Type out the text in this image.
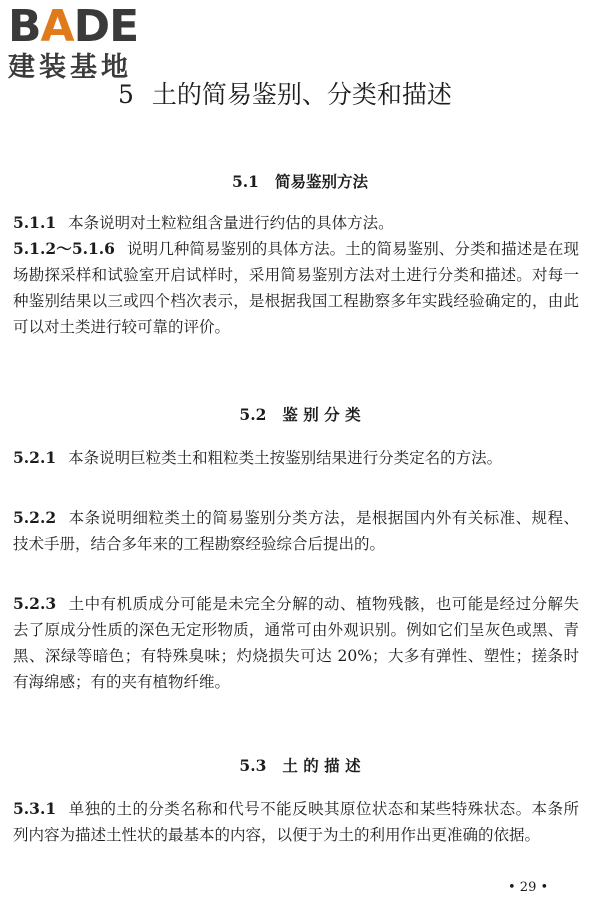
BADE
建装基地
5 土的简易鉴别、分类和描述
5.1 简易鉴别方法
5.1.1 本条说明对土粒粒组含量进行约估的具体方法。
5.1.2～5.1.6 说明几种简易鉴别的具体方法。土的简易鉴别、分类和描述是在现场勘探采样和试验室开启试样时，采用简易鉴别方法对土进行分类和描述。对每一种鉴别结果以三或四个档次表示，是根据我国工程勘察多年实践经验确定的，由此可以对土类进行较可靠的评价。
5.2 鉴 别 分 类
5.2.1 本条说明巨粒类土和粗粒类土按鉴别结果进行分类定名的方法。
5.2.2 本条说明细粒类土的简易鉴别分类方法，是根据国内外有关标准、规程、技术手册，结合多年来的工程勘察经验综合后提出的。
5.2.3 土中有机质成分可能是未完全分解的动、植物残骸，也可能是经过分解失去了原成分性质的深色无定形物质，通常可由外观识别。例如它们呈灰色或黑、青黑、深绿等暗色；有特殊臭味；灼烧损失可达 20%；大多有弹性、塑性；搓条时有海绵感；有的夹有植物纤维。
5.3 土 的 描 述
5.3.1 单独的土的分类名称和代号不能反映其原位状态和某些特殊状态。本条所列内容为描述土性状的最基本的内容，以便于为土的利用作出更准确的依据。
• 29 •
